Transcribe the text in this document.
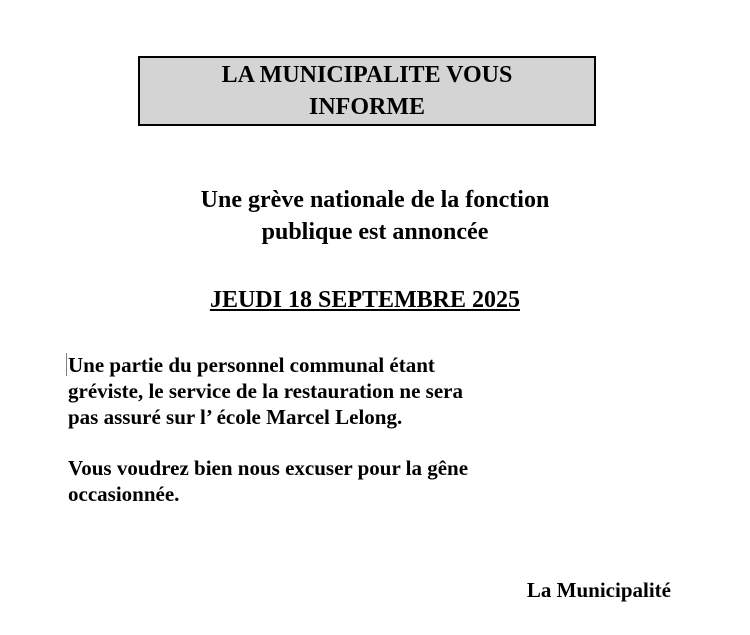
LA MUNICIPALITE VOUS
INFORME
Une grève nationale de la fonction
publique est annoncée
JEUDI 18 SEPTEMBRE 2025
Une partie du personnel communal étant
gréviste, le service de la restauration ne sera
pas assuré sur l’ école Marcel Lelong.
Vous voudrez bien nous excuser pour la gêne
occasionnée.
La Municipalité
